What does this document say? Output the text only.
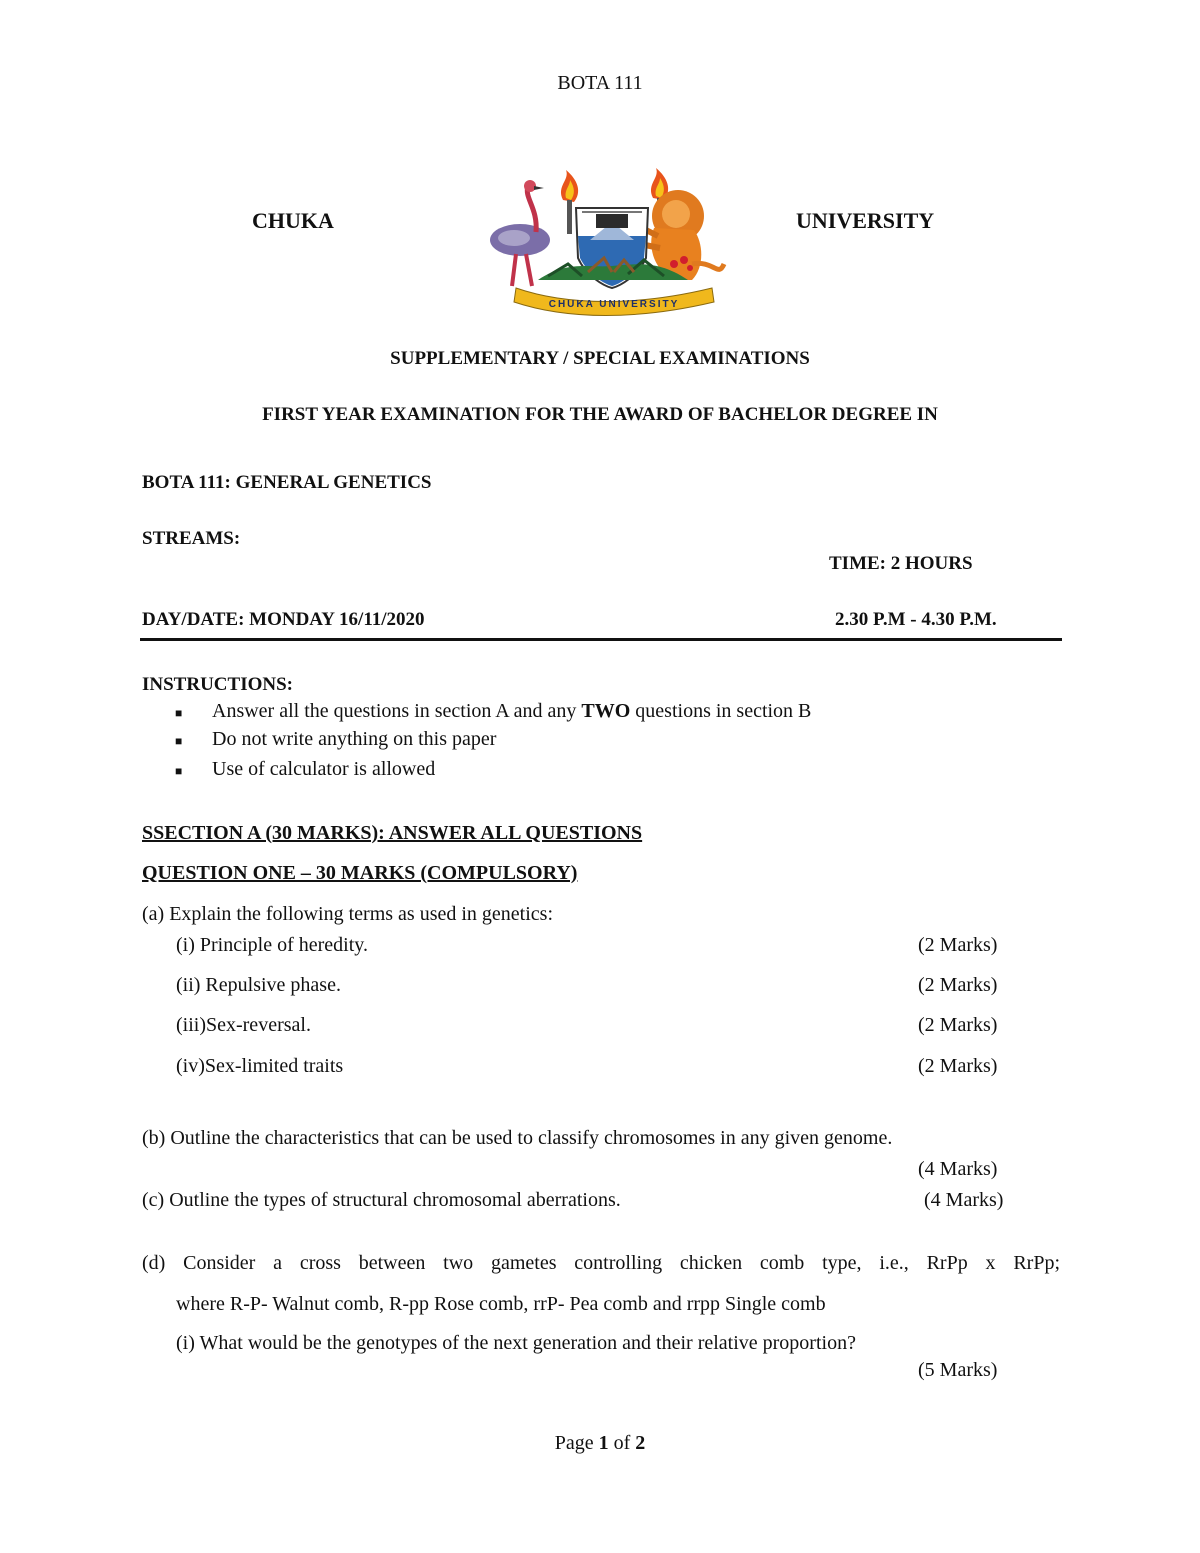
BOTA 111
CHUKA	UNIVERSITY
CHUKA UNIVERSITY
SUPPLEMENTARY / SPECIAL EXAMINATIONS
FIRST YEAR EXAMINATION FOR THE AWARD OF BACHELOR DEGREE IN
BOTA 111: GENERAL GENETICS
STREAMS:
TIME: 2 HOURS
DAY/DATE: MONDAY 16/11/2020	2.30 P.M - 4.30 P.M.
INSTRUCTIONS:
■ Answer all the questions in section A and any TWO questions in section B
■ Do not write anything on this paper
■ Use of calculator is allowed
SSECTION A (30 MARKS): ANSWER ALL QUESTIONS
QUESTION ONE – 30 MARKS (COMPULSORY)
(a) Explain the following terms as used in genetics:
(i) Principle of heredity.	(2 Marks)
(ii) Repulsive phase.	(2 Marks)
(iii)Sex-reversal.	(2 Marks)
(iv)Sex-limited traits	(2 Marks)
(b) Outline the characteristics that can be used to classify chromosomes in any given genome.
(4 Marks)
(c) Outline the types of structural chromosomal aberrations.	(4 Marks)
(d) Consider a cross between two gametes controlling chicken comb type, i.e., RrPp x RrPp;
where R-P- Walnut comb, R-pp Rose comb, rrP- Pea comb and rrpp Single comb
(i) What would be the genotypes of the next generation and their relative proportion?
(5 Marks)
Page 1 of 2
